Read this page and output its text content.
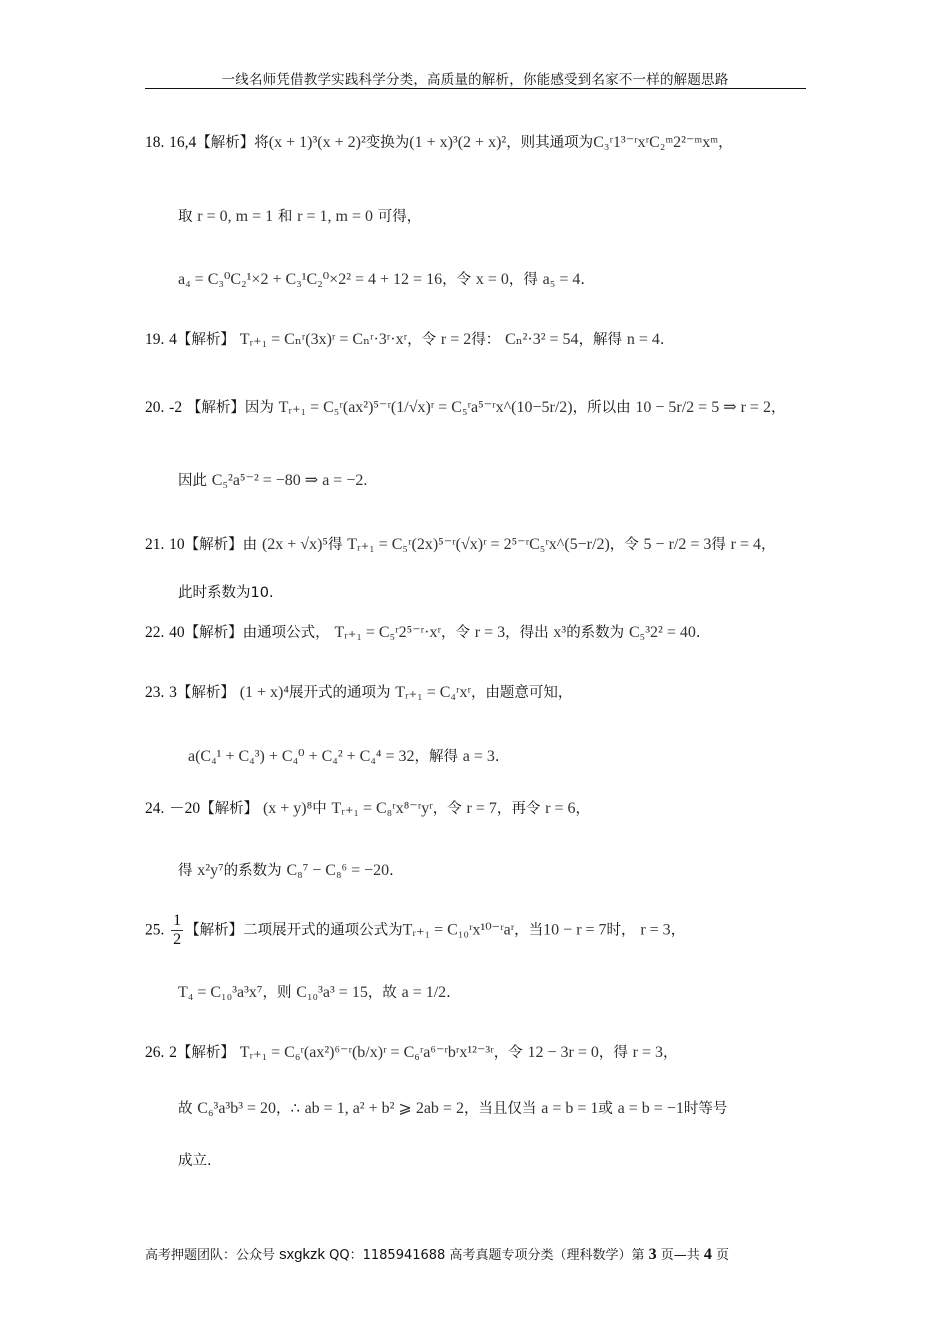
一线名师凭借教学实践科学分类，高质量的解析，你能感受到名家不一样的解题思路
18. 16,4【解析】将(x + 1)³(x + 2)²变换为(1 + x)³(2 + x)²，则其通项为C₃ʳ1³⁻ʳxʳC₂ᵐ2²⁻ᵐxᵐ，
取 r = 0, m = 1 和 r = 1, m = 0 可得，
a₄ = C₃⁰C₂¹×2 + C₃¹C₂⁰×2² = 4 + 12 = 16，令 x = 0，得 a₅ = 4.
19. 4【解析】 Tᵣ₊₁ = Cₙʳ(3x)ʳ = Cₙʳ·3ʳ·xʳ，令 r = 2得： Cₙ²·3² = 54，解得 n = 4.
20. -2 【解析】因为 Tᵣ₊₁ = C₅ʳ(ax²)⁵⁻ʳ(1/√x)ʳ = C₅ʳa⁵⁻ʳx^(10−5r/2)，所以由 10 − 5r/2 = 5 ⇒ r = 2，
因此 C₅²a⁵⁻² = −80 ⇒ a = −2.
21. 10【解析】由 (2x + √x)⁵得 Tᵣ₊₁ = C₅ʳ(2x)⁵⁻ʳ(√x)ʳ = 2⁵⁻ʳC₅ʳx^(5−r/2)，令 5 − r/2 = 3得 r = 4，
此时系数为10.
22. 40【解析】由通项公式， Tᵣ₊₁ = C₅ʳ2⁵⁻ʳ·xʳ，令 r = 3，得出 x³的系数为 C₅³2² = 40.
23. 3【解析】 (1 + x)⁴展开式的通项为 Tᵣ₊₁ = C₄ʳxʳ，由题意可知，
a(C₄¹ + C₄³) + C₄⁰ + C₄² + C₄⁴ = 32，解得 a = 3.
24. －20【解析】 (x + y)⁸中 Tᵣ₊₁ = C₈ʳx⁸⁻ʳyʳ，令 r = 7，再令 r = 6，
得 x²y⁷的系数为 C₈⁷ − C₈⁶ = −20.
25. $\frac{1}{2}$ 【解析】二项展开式的通项公式为Tᵣ₊₁ = C₁₀ʳx¹⁰⁻ʳaʳ，当10 − r = 7时， r = 3，
T₄ = C₁₀³a³x⁷，则 C₁₀³a³ = 15，故 a = 1/2.
26. 2【解析】 Tᵣ₊₁ = C₆ʳ(ax²)⁶⁻ʳ(b/x)ʳ = C₆ʳa⁶⁻ʳbʳx¹²⁻³ʳ，令 12 − 3r = 0，得 r = 3，
故 C₆³a³b³ = 20，∴ ab = 1, a² + b² ⩾ 2ab = 2，当且仅当 a = b = 1或 a = b = −1时等号
成立.
高考押题团队：公众号 sxgkzk QQ：1185941688 高考真题专项分类（理科数学）第 3 页—共 4 页
